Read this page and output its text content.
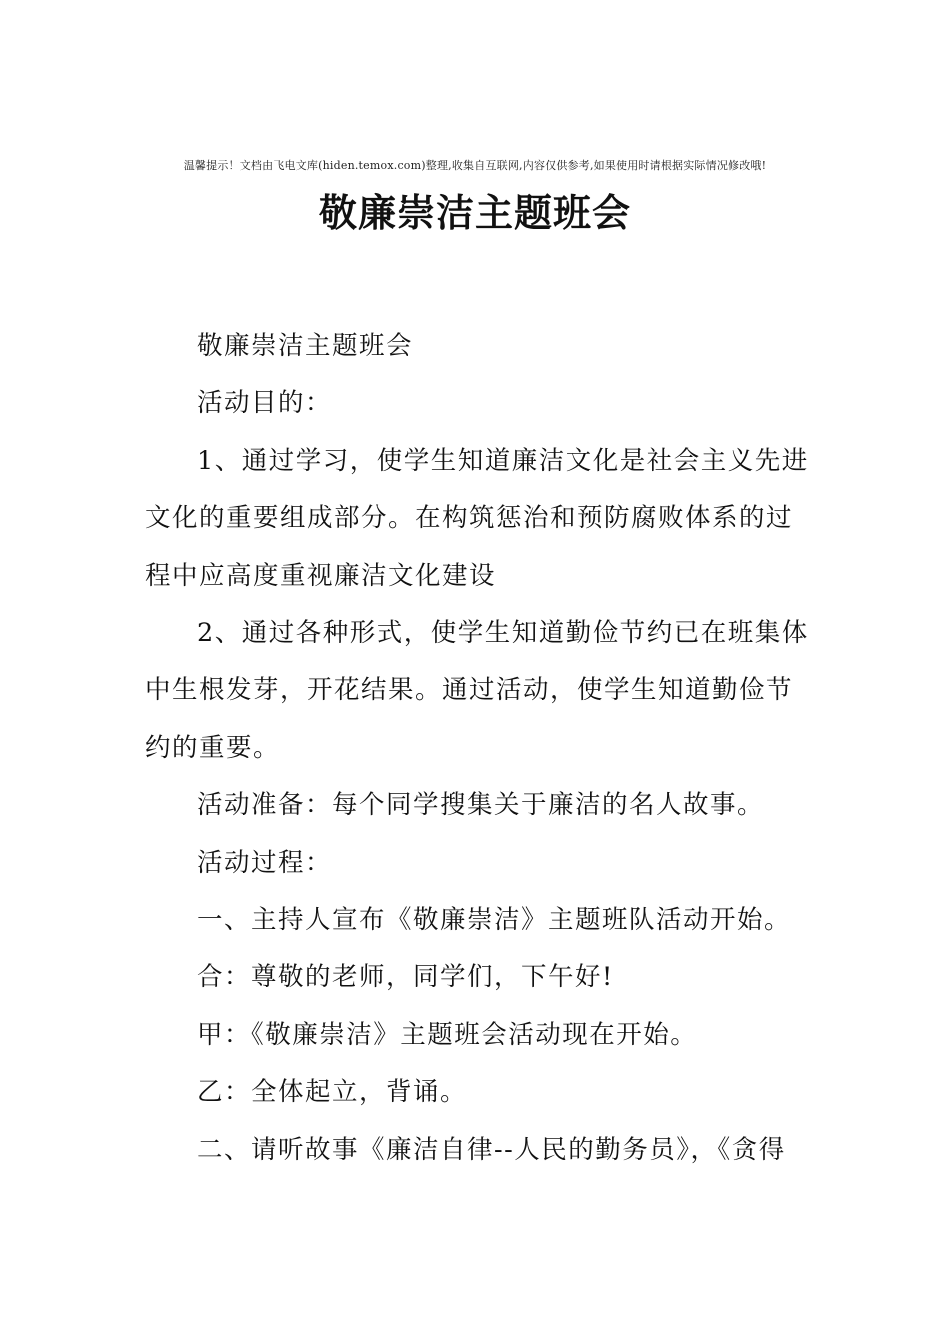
温馨提示！文档由飞电文库(hiden.temox.com)整理,收集自互联网,内容仅供参考,如果使用时请根据实际情况修改哦!
敬廉崇洁主题班会

敬廉崇洁主题班会

活动目的：

1、通过学习，使学生知道廉洁文化是社会主义先进文化的重要组成部分。在构筑惩治和预防腐败体系的过程中应高度重视廉洁文化建设

2、通过各种形式，使学生知道勤俭节约已在班集体中生根发芽，开花结果。通过活动，使学生知道勤俭节约的重要。

活动准备：每个同学搜集关于廉洁的名人故事。

活动过程：

一、主持人宣布《敬廉崇洁》主题班队活动开始。

合：尊敬的老师，同学们，下午好!

甲：《敬廉崇洁》主题班会活动现在开始。

乙：全体起立，背诵。

二、请听故事《廉洁自律--人民的勤务员》，《贪得
